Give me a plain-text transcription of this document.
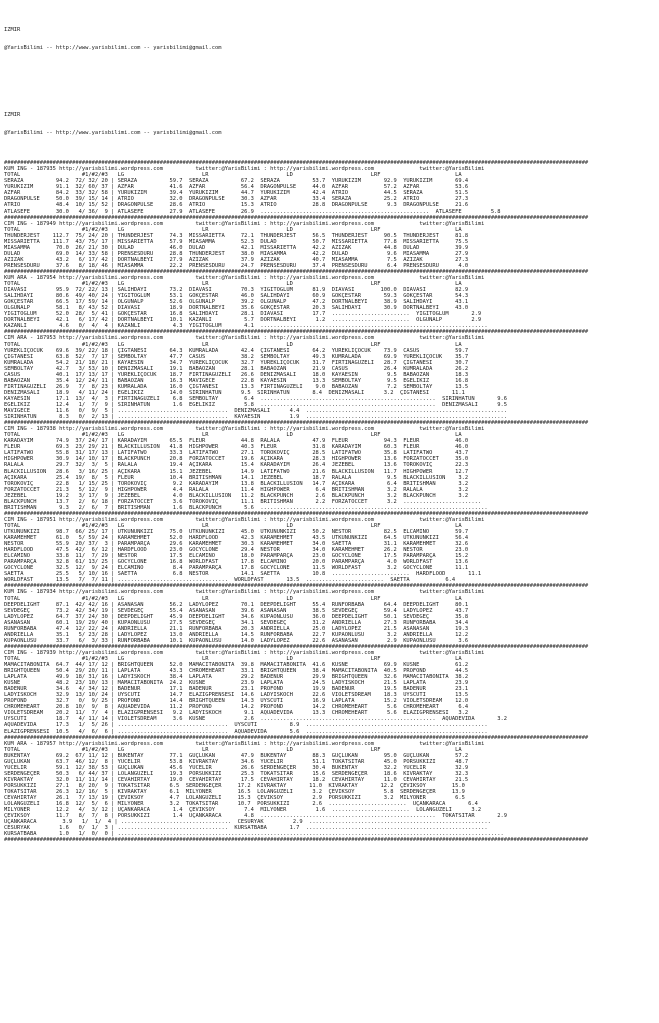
IZMIR

@YarisBilimi -- http://www.yarisbilimi.com -- yarisbilimi@gmail.com

IZMIR

@YarisBilimi -- http://www.yarisbilimi.com -- yarisbilimi@gmail.com

####################################################################################################################################################################################
KUM ING - 187935 http://yarisbilimi.wordpress.com          twitter:@YarisBilimi : http://yarisbilimi.wordpress.com              twitter:@YarisBilimi
TOTAL                   #1/#2/#3   LG                        LR                        LD                        LRF                       LA
SERAZA          94.2  72/ 32/ 20 | SERAZA          59.7  SERAZA          67.2  SERAZA          53.7  YÜRÜKIZIM       92.9  YÜRÜKIZIM       69.4
YÜRÜKIZIM       91.1  32/ 60/ 37 | AZFAR           41.6  AZFAR           56.4  DRAGONPULSE     44.0  AZFAR           57.2  AZFAR           53.6
AZFAR           84.2  33/ 32/ 58 | YÜRÜKIZIM       39.4  YÜRÜKIZIM       44.7  YÜRÜKIZIM       42.4  ATRIO           44.5  SERAZA          51.5
DRAGONPULSE     50.0  39/ 15/ 14 | ATRIO           32.0  DRAGONPULSE     30.3  AZFAR           33.4  SERAZA          25.2  ATRIO           27.3
ATRIO           48.4  10/ 15/ 52 | DRAGONPULSE     28.6  ATRIO           15.3  ATRIO           28.8  DRAGONPULSE      9.3  DRAGONPULSE     21.6
ATLASEFE        30.0   4/ 36/  9 | ATLASEFE        27.9  ATLASEFE        26.9  ....................................................  ATLASEFE         5.8
####################################################################################################################################################################################
CIM ING - 187949 http://yarisbilimi.wordpress.com          twitter:@YarisBilimi : http://yarisbilimi.wordpress.com              twitter:@YarisBilimi
TOTAL                   #1/#2/#3   LG                        LR                        LD                        LRF                       LA
THUNDERJEST    112.7  75/ 24/ 20 | THUNDERJEST     74.3  MISSARIETTA     72.1  THUNDERJEST     56.5  THUNDERJEST     90.5  THUNDERJEST     81.8
MISSARIETTA    111.7  43/ 75/ 17 | MISSARIETTA     57.9  MIASAMMA        52.3  DULAD           50.7  MISSARIETTA     77.8  MISSARIETTA     75.5
MIASAMMA        70.0  26/ 21/ 30 | DULAD           46.0  DULAD           42.1  MISSARIETTA     42.2  AZIZAK          44.8  DULAD           39.9
DULAD           69.0  14/ 33/ 58 | PRENSESDURU     28.8  THUNDERJEST     38.0  MIASAMMA        42.2  DULAD            9.6  MIASAMMA        27.9
AZIZAK          43.2   6/ 17/ 42 | DÖRTNALBEYI     27.9  AZIZAK          37.9  AZIZAK          40.7  MIASAMMA         7.5  AZIZAK          27.3
PRENSESDURU     37.6   8/ 18/ 46 | MIASAMMA        22.2  PRENSESDURU     24.7  PRENSESDURU     37.4  PRENSESDURU      6.4  PRENSESDURU      4.0
####################################################################################################################################################################################
KUM ARA - 187954 http://yarisbilimi.wordpress.com          twitter:@YarisBilimi : http://yarisbilimi.wordpress.com              twitter:@YarisBilimi
TOTAL                   #1/#2/#3   LG                        LR                        LD                        LRF                       LA
DIAVASI         95.9  72/ 22/ 13 | SALIHDAYI       73.2  DIAVASI         70.3  YIGITOGLUM      81.9  DIAVASI        100.0  DIAVASI         82.9
SALIHDAYI       80.6  49/ 40/ 24 | YIGITOGLUM      53.1  GÖKÇESTAR       46.0  SALIHDAYI       60.9  GÖKÇESTAR       59.3  GÖKÇESTAR       54.3
GÖKÇESTAR       66.5  17/ 59/ 14 | OLGUNALP        52.6  OLGUNALP        39.2  OLGUNALP        47.2  DÖRTNALBEYI     38.9  SALIHDAYI       43.1
OLGUNALP        58.1   8/ 43/ 52 | DIAVASI         18.9  DÖRTNALBEYI     35.6  GÖKÇESTAR       20.3  SALIHDAYI       30.9  DÖRTNALBEYI     43.0
YIGITOGLUM      52.0  28/  5/ 41 | GÖKÇESTAR       16.8  SALIHDAYI       28.1  DIAVASI         17.7  ........................  YIGITOGLUM       2.9
DÖRTNALBEYI     42.1   6/ 17/ 42 | DÖRTNALBEYI     10.1  KAZANLI          5.7  DÖRTNALBEYI      1.2  ........................  OLGUNALP         2.9
KAZANLI          4.6   0/  4/  4 | KAZANLI          4.3  YIGITOGLUM       4.1  ......................................................................
####################################################################################################################################################################################
CIM ARA - 187953 http://yarisbilimi.wordpress.com          twitter:@YarisBilimi : http://yarisbilimi.wordpress.com              twitter:@YarisBilimi
TOTAL                   #1/#2/#3   LG                        LR                        LD                        LRF                       LA
YÜREKLIÇOCUK    69.6  39/ 22/ 18 | ÇIGTANESI       64.3  KUMRALADA       42.4  ÇIGTANESI       64.2  YÜREKLIÇOCUK    73.9  CASUS           59.7
ÇIGTANESI       63.8  52/  7/ 17 | SEMBOLTAY       47.7  CASUS           38.2  SEMBOLTAY       49.3  KUMRALADA       69.9  YÜREKLIÇOCUK    35.7
KUMRALADA       54.2  21/ 18/ 21 | KAYAESIN        34.7  YÜREKLIÇOCUK    32.7  YÜREKLIÇOCUK    31.7  FIRTINAGÜZELI   28.7  ÇIGTANESI       30.7
SEMBOLTAY       42.7   3/ 53/ 10 | DENIZMASALI     19.1  BABAOZAN        28.1  BABAOZAN        21.9  CASUS           26.4  KUMRALADA       26.2
CASUS           40.1  17/ 13/ 17 | YÜREKLIÇOCUK    18.7  FIRTINAGÜZELI   26.6  DENIZMASALI     18.0  KAYAESIN         9.5  BABAOZAN        18.3
BABAOZAN        35.4  12/ 24/ 11 | BABAOZAN        16.3  MAVIGECE        22.8  KAYAESIN        13.3  SEMBOLTAY        9.5  EGELIKIZ        16.8
FIRTINAGÜZELI   26.9   7/  8/ 23 | KUMRALADA       16.0  ÇIGTANESI       13.3  FIRTINAGÜZELI    9.0  BABAOZAN         7.2  SEMBOLTAY       13.5
DENIZMASALI     18.9   4/ 11/ 24 | EGELIKIZ        14.0  SIRINHATUN      9.5  SIRINHATUN       8.4  DENIZMASALI      3.2  ÇIGTANESI       11.1
KAYAESIN        17.1  13/  4/  3 | FIRTINAGÜZELI    6.8  SEMBOLTAY        6.4  ......................................................  SIRINHATUN       9.6
EGELIKIZ        12.4   1/  7/  9 | SIRINHATUN       1.6  EGELIKIZ         5.8  ......................................................  DENIZMASALI      9.5
MAVIGECE        11.6   0/  9/  5 | ..................................  DENIZMASALI      4.4  ..............................................................
SIRINHATUN       8.3   0/  2/ 13 | ..................................  KAYAESIN         1.9  ..............................................................
####################################################################################################################################################################################
CIM ING - 187938 http://yarisbilimi.wordpress.com          twitter:@YarisBilimi : http://yarisbilimi.wordpress.com              twitter:@YarisBilimi
TOTAL                   #1/#2/#3   LG                        LR                        LD                        LRF                       LA
KARADAYIM       74.9  37/ 24/ 17 | KARADAYIM       65.5  FLEUR           44.8  RALALA          47.9  FLEUR           94.3  FLEUR           46.0
FLEUR           69.3  23/ 29/ 21 | BLACKILLUSION   41.8  HIGHPOWER       40.3  FLEUR           31.8  KARADAYIM       60.3  FLEUR           46.0
LATIFATWO       55.8  31/ 17/ 13 | LATIFATWO       33.3  LATIFATWO       27.1  TOROKOVIÇ       28.5  LATIFATWO       35.8  LATIFATWO       43.7
HIGHPOWER       30.9  14/ 10/ 17 | BLACKPUNCH      20.8  FORZATOCCET     19.6  AÇIKARA         28.3  HIGHPOWER       13.6  FORZATOCCET     35.0
RALALA          29.7  32/  3/  5 | RALALA          19.4  AÇIKARA         15.4  KARADAYIM       26.4  JEZEBEL         13.6  TOROKOVIÇ       22.3
BLACKILLUSION   28.6   3/ 16/ 25 | AÇIKARA         15.1  JEZEBEL         14.9  LATIFATWO       21.6  BLACKILLUSION   11.7  HIGHPOWER       12.7
AÇIKARA         25.4  19/  8/  5 | FLEUR           10.4  BRITISHMAN      14.1  JEZEBEL         18.7  RALALA           9.5  BLACKILLUSION    3.2
TOROKOVIÇ       22.8   1/ 15/ 25 | TOROKOVIÇ        9.2  KARADAYIM       13.8  BLACKILLUSION   14.7  AÇIKARA          6.4  BRITISHMAN       3.2
FORZATOCCET     21.3   5/ 12/  9 | HIGHPOWER        4.4  RALALA          11.4  HIGHPOWER        6.4  BRITISHMAN       3.2  RALALA           3.2
JEZEBEL         19.2   3/ 17/  9 | JEZEBEL          4.0  BLACKILLUSION   11.2  BLACKPUNCH       2.6  BLACKPUNCH       3.2  BLACKPUNCH       3.2
BLACKPUNCH      13.7   2/  6/ 18 | FORZATOCCET      3.6  TOROKOVIÇ       11.1  BRITISHMAN       2.2  FORZATOCCET      3.2  ........................
BRITISHMAN       9.3   2/  6/  7 | BRITISHMAN       1.6  BLACKPUNCH       5.6  ......................................................................
####################################################################################################################################################################################
CIM ING - 187951 http://yarisbilimi.wordpress.com          twitter:@YarisBilimi : http://yarisbilimi.wordpress.com              twitter:@YarisBilimi
TOTAL                   #1/#2/#3   LG                        LR                        LD                        LRF                       LA
UTKUNUNKIZI     98.7  66/ 25/ 17 | UTKUNUNKIZI     75.0  UTKUNUNKIZI     45.0  UTKUNUNKIZI     50.2  NESTOR          82.5  ELCAMINO        59.7
KARAMEHMET      61.0   5/ 59/ 24 | KARAMEHMET      52.0  HARDFLOOD       42.3  KARAMEHMET      43.5  UTKUNUNKIZI     64.5  UTKUNUNKIZI     56.4
NESTOR          55.9  20/ 37/  3 | PARAMPARÇA      29.6  KARAMEHMET      30.3  KARAMEHMET      34.0  SAETTA          31.1  KARAMEHMET      32.6
HARDFLOOD       47.5  42/  6/ 12 | HARDFLOOD       23.0  GOCYCLONE       29.4  NESTOR          34.0  KARAMEHMET      26.2  NESTOR          23.0
ELCAMINO        33.8  11/  7/ 29 | NESTOR          17.5  ELCAMINO        18.0  PARAMPARÇA      23.0  GOCYCLONE       17.5  PARAMPARÇA      15.2
PARAMPARÇA      32.8  61/ 13/ 25 | GOCYCLONE       16.8  WORLDFAST       17.8  ELCAMINO        20.0  PARAMPARÇA       4.0  WORLDFAST       13.6
GOCYCLONE       32.5  12/  9/ 24 | ELCAMINO         8.4  PARAMPARÇA      17.8  GOCYCLONE       11.5  WORLDFAST        3.2  GOCYCLONE       11.1
SAETTA          25.5   5/ 10/ 16 | SAETTA           6.8  NESTOR          14.1  SAETTA          10.8  ........................  HARDFLOOD       11.1
WORLDFAST       13.5   7/  7/ 11 | ..................................  WORLDFAST       13.5  ........................  SAETTA           6.4
####################################################################################################################################################################################
KUM ING - 187934 http://yarisbilimi.wordpress.com          twitter:@YarisBilimi : http://yarisbilimi.wordpress.com              twitter:@YarisBilimi
TOTAL                   #1/#2/#3   LG                        LR                        LD                        LRF                       LA
DEEPDELIGHT     87.1  42/ 42/ 16 | ASANASAN        56.2  LADYLOPEZ       70.1  DEEPDELIGHT     55.4  RUNFORBABA      64.4  DEEPDELIGHT     80.1
SEVDEGEÇ        73.2  42/ 34/ 19 | SEVDEGEÇ        55.4  ASANASAN        39.6  ASANASAN        38.5  SEVDEGEÇ        59.4  LADYLOPEZ       43.7
LADYLOPEZ       64.7  37/ 24/ 30 | DEEPDELIGHT     45.9  DEEPDELIGHT     34.6  KUPAONLUSU      36.0  DEEPDELIGHT     50.1  SEVDEGEÇ        35.8
ASANASAN        60.1  19/ 29/ 40 | KUPAONLUSU      27.5  SEVDEGEÇ        34.1  SEVDEGEÇ        31.2  ANDRIELLA       27.3  RUNFORBABA      34.4
RUNFORBABA      47.4  12/ 22/ 24 | ANDRIELLA       21.1  RUNFORBABA      20.3  ANDRIELLA       25.0  LADYLOPEZ       21.5  ASANASAN        19.3
ANDRIELLA       35.1   5/ 23/ 28 | LADYLOPEZ       13.0  ANDRIELLA       14.5  RUNFORBABA      22.7  KUPAONLUSU       3.2  ANDRIELLA       12.2
KUPAONLUSU      33.7   6/  3/ 33 | RUNFORBABA      10.1  KUPAONLUSU      14.0  LADYLOPEZ       22.6  ASANASAN         2.9  KUPAONLUSU       3.6
####################################################################################################################################################################################
CIM ING - 187939 http://yarisbilimi.wordpress.com          twitter:@YarisBilimi : http://yarisbilimi.wordpress.com              twitter:@YarisBilimi
TOTAL                   #1/#2/#3   LG                        LR                        LD                        LRF                       LA
MAMACITABONITA  64.7  44/ 17/ 12 | BRIGHTQUEEN     52.0  MAMACITABONITA  39.8  MAMACITABONITA  41.6  KÜSNE           69.9  KÜSNE           61.2
BRIGHTQUEEN     50.4  29/ 20/ 11 | LAPLATA         43.3  CHROMEHEART     33.1  BRIGHTQUEEN     38.4  MAMACITABONITA  40.5  PROFOND         44.5
LAPLATA         49.9  18/ 31/ 16 | LADYISKOCH      38.4  LAPLATA         29.2  BADENUR         29.9  BRIGHTQUEEN     32.6  MAMACITABONITA  38.2
KÜSNE           48.2  23/ 10/ 13 | MAMACITABONITA  24.2  KÜSNE           23.9  LAPLATA         24.5  LADYISKOCH      21.5  LAPLATA         23.9
BADENUR         34.6   4/ 34/ 12 | BADENUR         17.1  BADENUR         23.1  PROFOND         19.9  BADENUR         19.5  BADENUR         23.1
LADYISKOCH      32.9  13/ 10/ 24 | UYSCUTI         14.7  ELAZIGPRENSESI  14.6  LADYISKOCH      22.6  VIOLETSDREAM    18.3  UYSCUTI         13.5
PROFOND         32.7   0/  9/ 25 | PROFOND         14.4  BRIGHTQUEEN     14.3  UYSCUTI         16.9  LAPLATA         15.2  VIOLETSDREAM    12.0
CHROMEHEART     20.8  10/  9/  8 | AQUADEVIDA      11.2  PROFOND         14.2  PROFOND         14.2  CHROMEHEART      5.6  CHROMEHEART      6.4
VIOLETSDREAM    20.2  11/  7/  4 | ELAZIGPRENSESI   9.2  LADYISKOCH       9.1  AQUADEVIDA      13.3  CHROMEHEART      5.6  ELAZIGPRENSESI   3.2
UYSCUTI         18.7   4/ 11/ 14 | VIOLETSDREAM     3.6  KÜSNE            2.6  ......................................................  AQUADEVIDA       3.2
AQUADEVIDA      17.3   1/  5/ 26 | ..................................  UYSCUTI          8.9  ........................................................
ELAZIGPRENSESI  10.5   4/  6/  6 | ..................................  AQUADEVIDA       5.6  ........................................................
####################################################################################################################################################################################
KUM ARA - 187957 http://yarisbilimi.wordpress.com          twitter:@YarisBilimi : http://yarisbilimi.wordpress.com              twitter:@YarisBilimi
TOTAL                   #1/#2/#3   LG                        LR                        LD                        LRF                       LA
BÜKENTAY        69.2  67/ 11/ 12 | BÜKENTAY        77.1  GÜÇLÜKAN        47.9  BÜKENTAY        88.3  GÜÇLÜKAN        95.0  GÜÇLÜKAN        57.2
GÜÇLÜKAN        63.7  46/ 12/  8 | YÜCELIR         53.8  KIVRAKTAY       34.6  YÜCELIR         51.1  TOKATSITAR      45.0  PORSUKKIZI      48.7
YÜCELIR         59.1  12/ 38/ 53 | GÜÇLÜKAN        45.6  YÜCELIR         26.6  SERDENGEÇER     30.4  BÜKENTAY        32.2  YÜCELIR         32.9
SERDENGEÇER     50.3   6/ 44/ 37 | LOLANGÜZELI     19.3  PORSUKKIZI      25.3  TOKATSITAR      15.6  SERDENGEÇER     18.6  KIVRAKTAY       32.3
KIVRAKTAY       32.0  11/ 11/ 14 | CEVAHIRTAY      19.0  CEVAHIRTAY      17.5  CEVAHIRTAY      18.2  CEVAHIRTAY      11.0  CEVAHIRTAY      21.5
PORSUKKIZI      27.1   8/ 20/  9 | TOKATSITAR      6.5  SERDENGEÇER     17.2  KIVRAKTAY       11.0  KIVRAKTAY       12.2  ÇEVIKSOY        15.0
TOKATSITAR      26.3  12/ 16/  5 | KIVRAKTAY       6.1  MILYONER        16.5  LOLANGÜZELI      3.2  ÇEVIKSOY         5.8  SERDENGEÇER     13.9
CEVAHIRTAY      26.1   7/ 13/ 19 | ÇEVIKSOY        4.7  LOLANGÜZELI     15.3  ÇEVIKSOY         2.9  PORSUKKIZI       3.2  MILYONER         6.5
LOLANGÜZELI     16.8  12/  5/  6 | MILYONER        3.2  TOKATSITAR      10.7  PORSUKKIZI       2.6  ........................  UÇANKARACA       6.4
MILYONER        12.2   4/  3/ 12 | UÇANKARACA       1.4  ÇEVIKSOY         7.4  MILYONER         1.6  ........................  LOLANGÜZELI      3.2
ÇEVIKSOY        11.7   8/  7/  8 | PORSUKKIZI       1.4  UÇANKARACA       4.8  ......................................................  TOKATSITAR       2.9
UÇANKARACA        3.9   1/  1/  4 | ..................................  CESURYAK         2.9  ........................................................
CESURYAK         1.6   0/  1/  3 | ..................................  KÜRSATBABA       1.7  ........................................................
KÜRSATBABA       1.0   1/  0/  0 | .......................................................................................................................
####################################################################################################################################################################################
